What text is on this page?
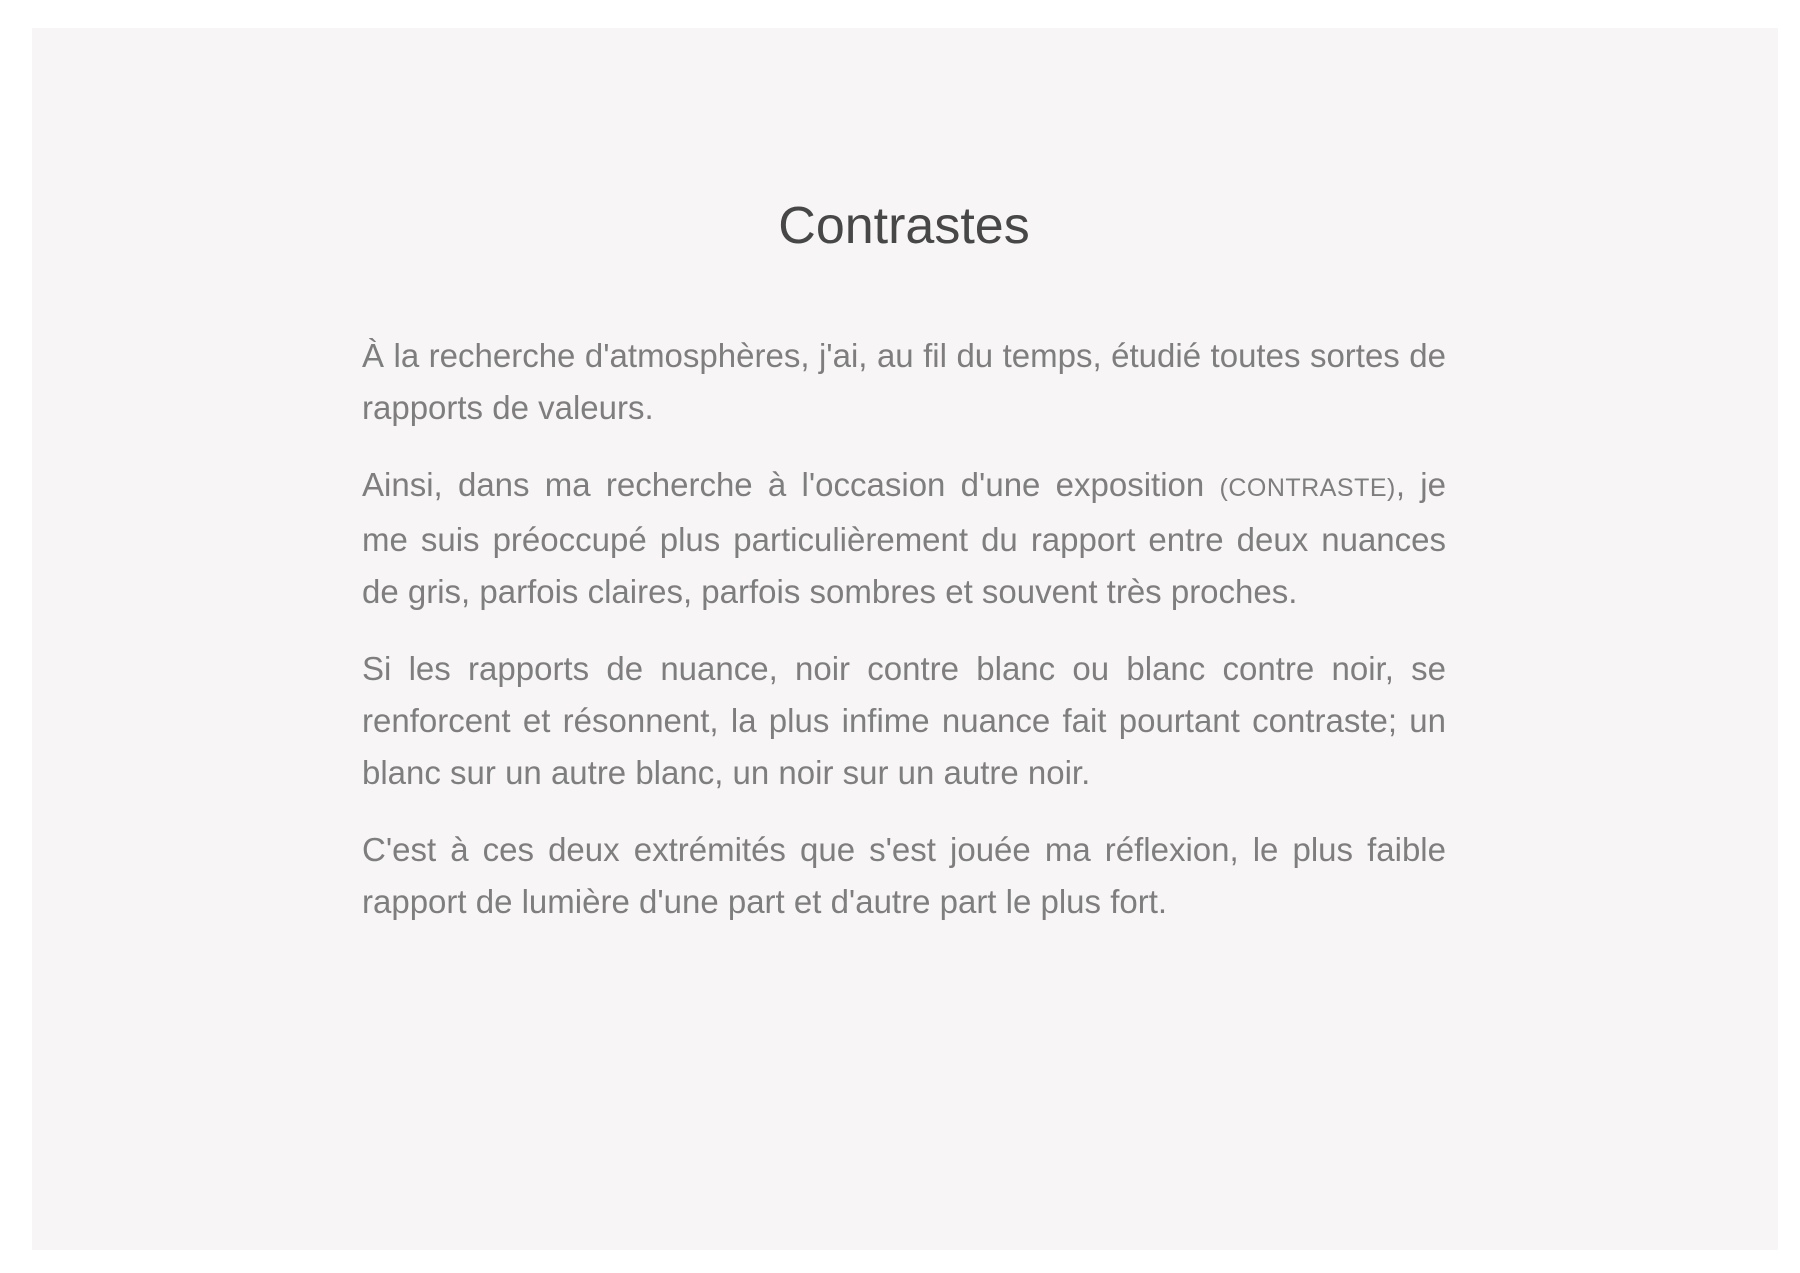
Contrastes

À la recherche d'atmosphères, j'ai, au fil du temps, étudié toutes sortes de rapports de valeurs.

Ainsi, dans ma recherche à l'occasion d'une exposition (CONTRASTE), je me suis préoccupé plus particulièrement du rapport entre deux nuances de gris, parfois claires, parfois sombres et souvent très proches.

Si les rapports de nuance, noir contre blanc ou blanc contre noir, se renforcent et résonnent, la plus infime nuance fait pourtant contraste; un blanc sur un autre blanc, un noir sur un autre noir.

C'est à ces deux extrémités que s'est jouée ma réflexion, le plus faible rapport de lumière d'une part et d'autre part le plus fort.
